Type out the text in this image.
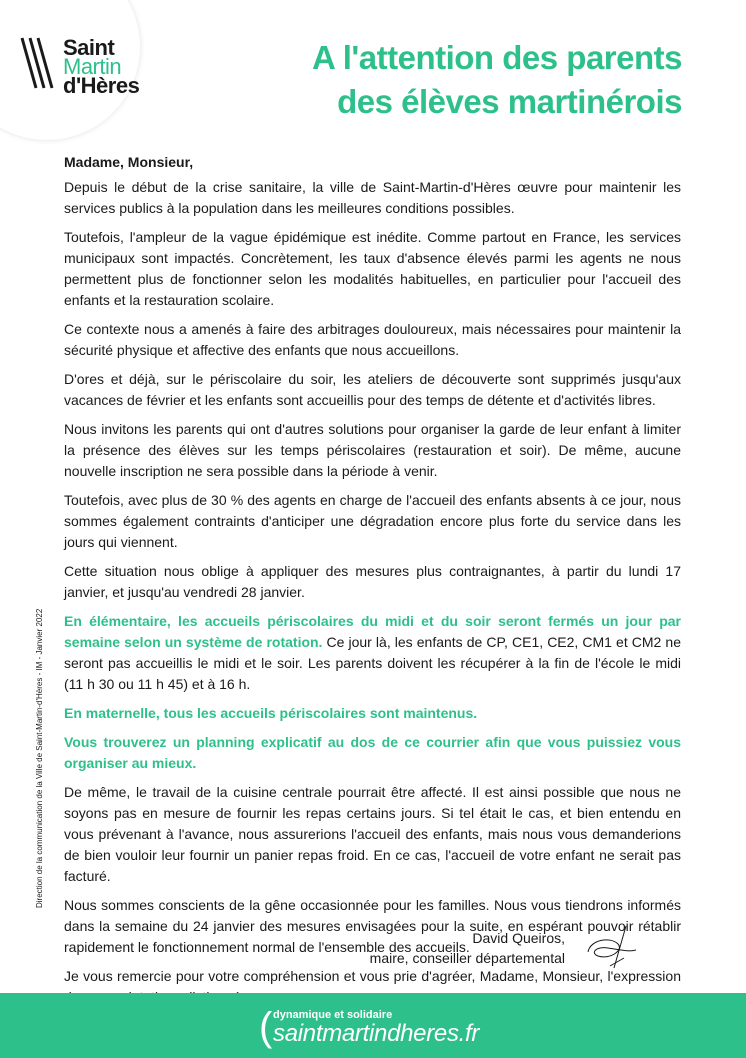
Saint
Martin
d'Hères
A l'attention des parents
des élèves martinérois

Madame, Monsieur,

Depuis le début de la crise sanitaire, la ville de Saint-Martin-d'Hères œuvre pour maintenir les services publics à la population dans les meilleures conditions possibles.

Toutefois, l'ampleur de la vague épidémique est inédite. Comme partout en France, les services municipaux sont impactés. Concrètement, les taux d'absence élevés parmi les agents ne nous permettent plus de fonctionner selon les modalités habituelles, en particulier pour l'accueil des enfants et la restauration scolaire.

Ce contexte nous a amenés à faire des arbitrages douloureux, mais nécessaires pour maintenir la sécurité physique et affective des enfants que nous accueillons.

D'ores et déjà, sur le périscolaire du soir, les ateliers de découverte sont supprimés jusqu'aux vacances de février et les enfants sont accueillis pour des temps de détente et d'activités libres.

Nous invitons les parents qui ont d'autres solutions pour organiser la garde de leur enfant à limiter la présence des élèves sur les temps périscolaires (restauration et soir). De même, aucune nouvelle inscription ne sera possible dans la période à venir.

Toutefois, avec plus de 30 % des agents en charge de l'accueil des enfants absents à ce jour, nous sommes également contraints d'anticiper une dégradation encore plus forte du service dans les jours qui viennent.

Cette situation nous oblige à appliquer des mesures plus contraignantes, à partir du lundi 17 janvier, et jusqu'au vendredi 28 janvier.

En élémentaire, les accueils périscolaires du midi et du soir seront fermés un jour par semaine selon un système de rotation. Ce jour là, les enfants de CP, CE1, CE2, CM1 et CM2 ne seront pas accueillis le midi et le soir. Les parents doivent les récupérer à la fin de l'école le midi (11 h 30 ou 11 h 45) et à 16 h.

En maternelle, tous les accueils périscolaires sont maintenus.

Vous trouverez un planning explicatif au dos de ce courrier afin que vous puissiez vous organiser au mieux.

De même, le travail de la cuisine centrale pourrait être affecté. Il est ainsi possible que nous ne soyons pas en mesure de fournir les repas certains jours. Si tel était le cas, et bien entendu en vous prévenant à l'avance, nous assurerions l'accueil des enfants, mais nous vous demanderions de bien vouloir leur fournir un panier repas froid. En ce cas, l'accueil de votre enfant ne serait pas facturé.

Nous sommes conscients de la gêne occasionnée pour les familles. Nous vous tiendrons informés dans la semaine du 24 janvier des mesures envisagées pour la suite, en espérant pouvoir rétablir rapidement le fonctionnement normal de l'ensemble des accueils.

Je vous remercie pour votre compréhension et vous prie d'agréer, Madame, Monsieur, l'expression

Direction de la communication de la Ville de Saint-Martin-d'Hères - IM - Janvier 2022
David Queiros,
maire, conseiller départemental
( dynamique et solidaire
saintmartindheres.fr
